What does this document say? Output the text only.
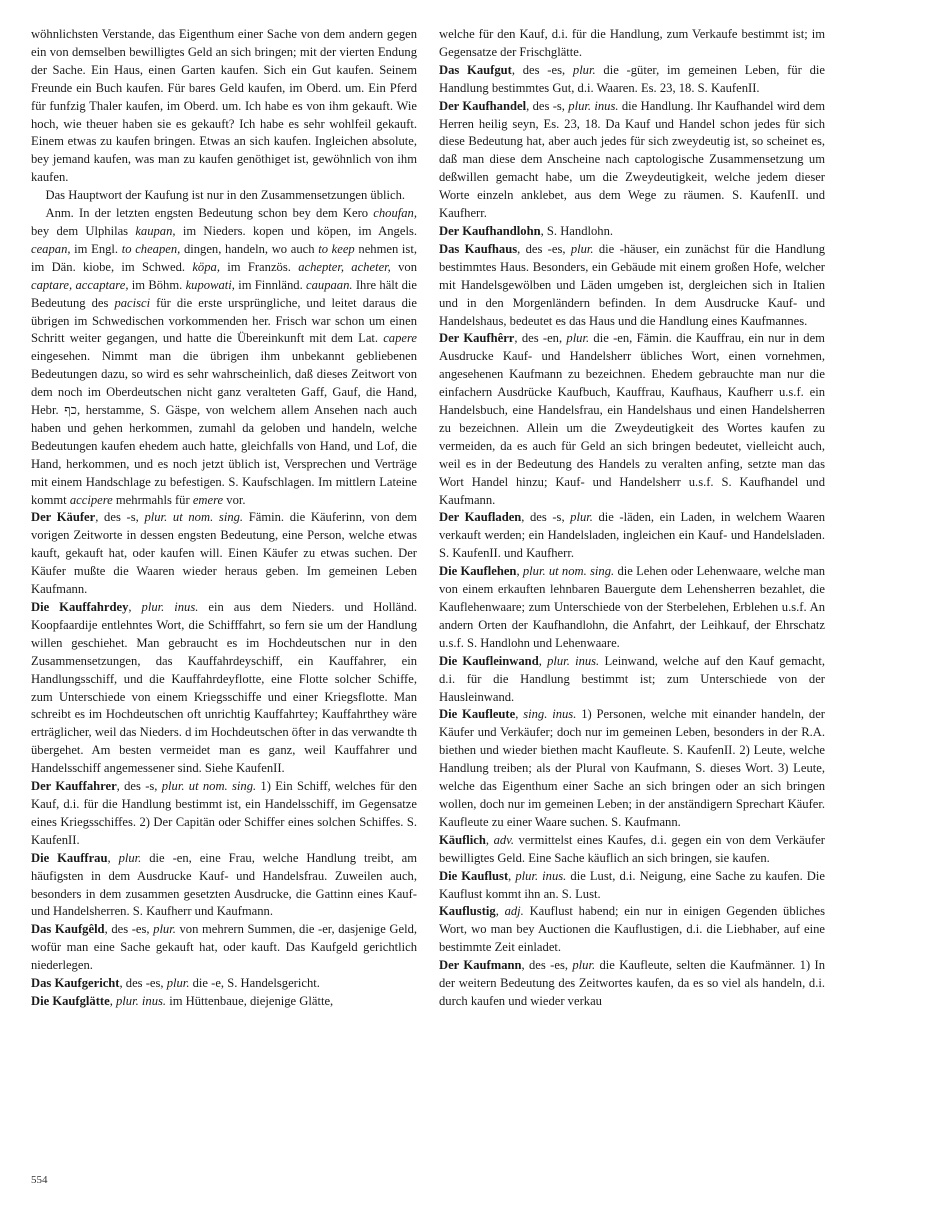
wöhnlichsten Verstande, das Eigenthum einer Sache von dem andern gegen ein von demselben bewilligtes Geld an sich bringen; mit der vierten Endung der Sache. Ein Haus, einen Garten kaufen. Sich ein Gut kaufen. Seinem Freunde ein Buch kaufen. Für bares Geld kaufen, im Oberd. um. Ein Pferd für funfzig Thaler kaufen, im Oberd. um. Ich habe es von ihm gekauft. Wie hoch, wie theuer haben sie es gekauft? Ich habe es sehr wohlfeil gekauft. Einem etwas zu kaufen bringen. Etwas an sich kaufen. Ingleichen absolute, bey jemand kaufen, was man zu kaufen genöthiget ist, gewöhnlich von ihm kaufen.

Das Hauptwort der Kaufung ist nur in den Zusammensetzungen üblich.

Anm. In der letzten engsten Bedeutung schon bey dem Kero choufan, bey dem Ulphilas kaupan, im Nieders. kopen und köpen, im Angels. ceapan, im Engl. to cheapen, dingen, handeln, wo auch to keep nehmen ist, im Dän. kiobe, im Schwed. köpa, im Französ. achepter, acheter, von captare, accaptare, im Böhm. kupowati, im Finnländ. caupaan. Ihre hält die Bedeutung des pacisci für die erste ursprüngliche, und leitet daraus die übrigen im Schwedischen vorkommenden her. Frisch war schon um einen Schritt weiter gegangen, und hatte die Übereinkunft mit dem Lat. capere eingesehen. Nimmt man die übrigen ihm unbekannt gebliebenen Bedeutungen dazu, so wird es sehr wahrscheinlich, daß dieses Zeitwort von dem noch im Oberdeutschen nicht ganz veralteten Gaff, Gauf, die Hand, Hebr. כף, herstamme, S. Gäspe, von welchem allem Ansehen nach auch haben und gehen herkommen, zumahl da geloben und handeln, welche Bedeutungen kaufen ehedem auch hatte, gleichfalls von Hand, und Lof, die Hand, herkommen, und es noch jetzt üblich ist, Versprechen und Verträge mit einem Handschlage zu befestigen. S. Kaufschlagen. Im mittlern Lateine kommt accipere mehrmahls für emere vor.

Der Käufer, des -s, plur. ut nom. sing. Fämin. die Käuferinn, von dem vorigen Zeitworte in dessen engsten Bedeutung, eine Person, welche etwas kauft, gekauft hat, oder kaufen will. Einen Käufer zu etwas suchen. Der Käufer mußte die Waaren wieder heraus geben. Im gemeinen Leben Kaufmann.

Die Kauffahrdey, plur. inus. ein aus dem Nieders. und Holländ. Koopfaardije entlehntes Wort, die Schifffahrt, so fern sie um der Handlung willen geschiehet. Man gebraucht es im Hochdeutschen nur in den Zusammensetzungen, das Kauffahrdeyschiff, ein Kauffahrer, ein Handlungsschiff, und die Kauffahrdeyflotte, eine Flotte solcher Schiffe, zum Unterschiede von einem Kriegsschiffe und einer Kriegsflotte. Man schreibt es im Hochdeutschen oft unrichtig Kauffahrtey; Kauffahrthey wäre erträglicher, weil das Nieders. d im Hochdeutschen öfter in das verwandte th übergehet. Am besten vermeidet man es ganz, weil Kauffahrer und Handelsschiff angemessener sind. Siehe KaufenII.

Der Kauffahrer, des -s, plur. ut nom. sing. 1) Ein Schiff, welches für den Kauf, d.i. für die Handlung bestimmt ist, ein Handelsschiff, im Gegensatze eines Kriegsschiffes. 2) Der Capitän oder Schiffer eines solchen Schiffes. S. KaufenII.

Die Kauffrau, plur. die -en, eine Frau, welche Handlung treibt, am häufigsten in dem Ausdrucke Kauf- und Handelsfrau. Zuweilen auch, besonders in dem zusammen gesetzten Ausdrucke, die Gattinn eines Kauf- und Handelsherren. S. Kaufherr und Kaufmann.

Das Kaufgêld, des -es, plur. von mehrern Summen, die -er, dasjenige Geld, wofür man eine Sache gekauft hat, oder kauft. Das Kaufgeld gerichtlich niederlegen.

Das Kaufgericht, des -es, plur. die -e, S. Handelsgericht.

Die Kaufglätte, plur. inus. im Hüttenbaue, diejenige Glätte,

welche für den Kauf, d.i. für die Handlung, zum Verkaufe bestimmt ist; im Gegensatze der Frischglätte.

Das Kaufgut, des -es, plur. die -güter, im gemeinen Leben, für die Handlung bestimmtes Gut, d.i. Waaren. Es. 23, 18. S. KaufenII.

Der Kaufhandel, des -s, plur. inus. die Handlung. Ihr Kaufhandel wird dem Herren heilig seyn, Es. 23, 18. Da Kauf und Handel schon jedes für sich diese Bedeutung hat, aber auch jedes für sich zweydeutig ist, so scheinet es, daß man diese dem Anscheine nach captologische Zusammensetzung um deßwillen gemacht habe, um die Zweydeutigkeit, welche jedem dieser Worte einzeln anklebet, aus dem Wege zu räumen. S. KaufenII. und Kaufherr.

Der Kaufhandlohn, S. Handlohn.

Das Kaufhaus, des -es, plur. die -häuser, ein zunächst für die Handlung bestimmtes Haus. Besonders, ein Gebäude mit einem großen Hofe, welcher mit Handelsgewölben und Läden umgeben ist, dergleichen sich in Italien und in den Morgenländern befinden. In dem Ausdrucke Kauf- und Handelshaus, bedeutet es das Haus und die Handlung eines Kaufmannes.

Der Kaufhêrr, des -en, plur. die -en, Fämin. die Kauffrau, ein nur in dem Ausdrucke Kauf- und Handelsherr übliches Wort, einen vornehmen, angesehenen Kaufmann zu bezeichnen. Ehedem gebrauchte man nur die einfachern Ausdrücke Kaufbuch, Kauffrau, Kaufhaus, Kaufherr u.s.f. ein Handelsbuch, eine Handelsfrau, ein Handelshaus und einen Handelsherren zu bezeichnen. Allein um die Zweydeutigkeit des Wortes kaufen zu vermeiden, da es auch für Geld an sich bringen bedeutet, vielleicht auch, weil es in der Bedeutung des Handels zu veralten anfing, setzte man das Wort Handel hinzu; Kauf- und Handelsherr u.s.f. S. Kaufhandel und Kaufmann.

Der Kaufladen, des -s, plur. die -läden, ein Laden, in welchem Waaren verkauft werden; ein Handelsladen, ingleichen ein Kauf- und Handelsladen. S. KaufenII. und Kaufherr.

Die Kauflehen, plur. ut nom. sing. die Lehen oder Lehenwaare, welche man von einem erkauften lehnbaren Bauergute dem Lehensherren bezahlet, die Kauflehenwaare; zum Unterschiede von der Sterbelehen, Erblehen u.s.f. An andern Orten der Kaufhandlohn, die Anfahrt, der Leihkauf, der Ehrschatz u.s.f. S. Handlohn und Lehenwaare.

Die Kaufleinwand, plur. inus. Leinwand, welche auf den Kauf gemacht, d.i. für die Handlung bestimmt ist; zum Unterschiede von der Hausleinwand.

Die Kaufleute, sing. inus. 1) Personen, welche mit einander handeln, der Käufer und Verkäufer; doch nur im gemeinen Leben, besonders in der R.A. biethen und wieder biethen macht Kaufleute. S. KaufenII. 2) Leute, welche Handlung treiben; als der Plural von Kaufmann, S. dieses Wort. 3) Leute, welche das Eigenthum einer Sache an sich bringen oder an sich bringen wollen, doch nur im gemeinen Leben; in der anständigern Sprechart Käufer. Kaufleute zu einer Waare suchen. S. Kaufmann.

Käuflich, adv. vermittelst eines Kaufes, d.i. gegen ein von dem Verkäufer bewilligtes Geld. Eine Sache käuflich an sich bringen, sie kaufen.

Die Kauflust, plur. inus. die Lust, d.i. Neigung, eine Sache zu kaufen. Die Kauflust kommt ihn an. S. Lust.

Kauflustig, adj. Kauflust habend; ein nur in einigen Gegenden übliches Wort, wo man bey Auctionen die Kauflustigen, d.i. die Liebhaber, auf eine bestimmte Zeit einladet.

Der Kaufmann, des -es, plur. die Kaufleute, selten die Kaufmänner. 1) In der weitern Bedeutung des Zeitwortes kaufen, da es so viel als handeln, d.i. durch kaufen und wieder verkau

554
